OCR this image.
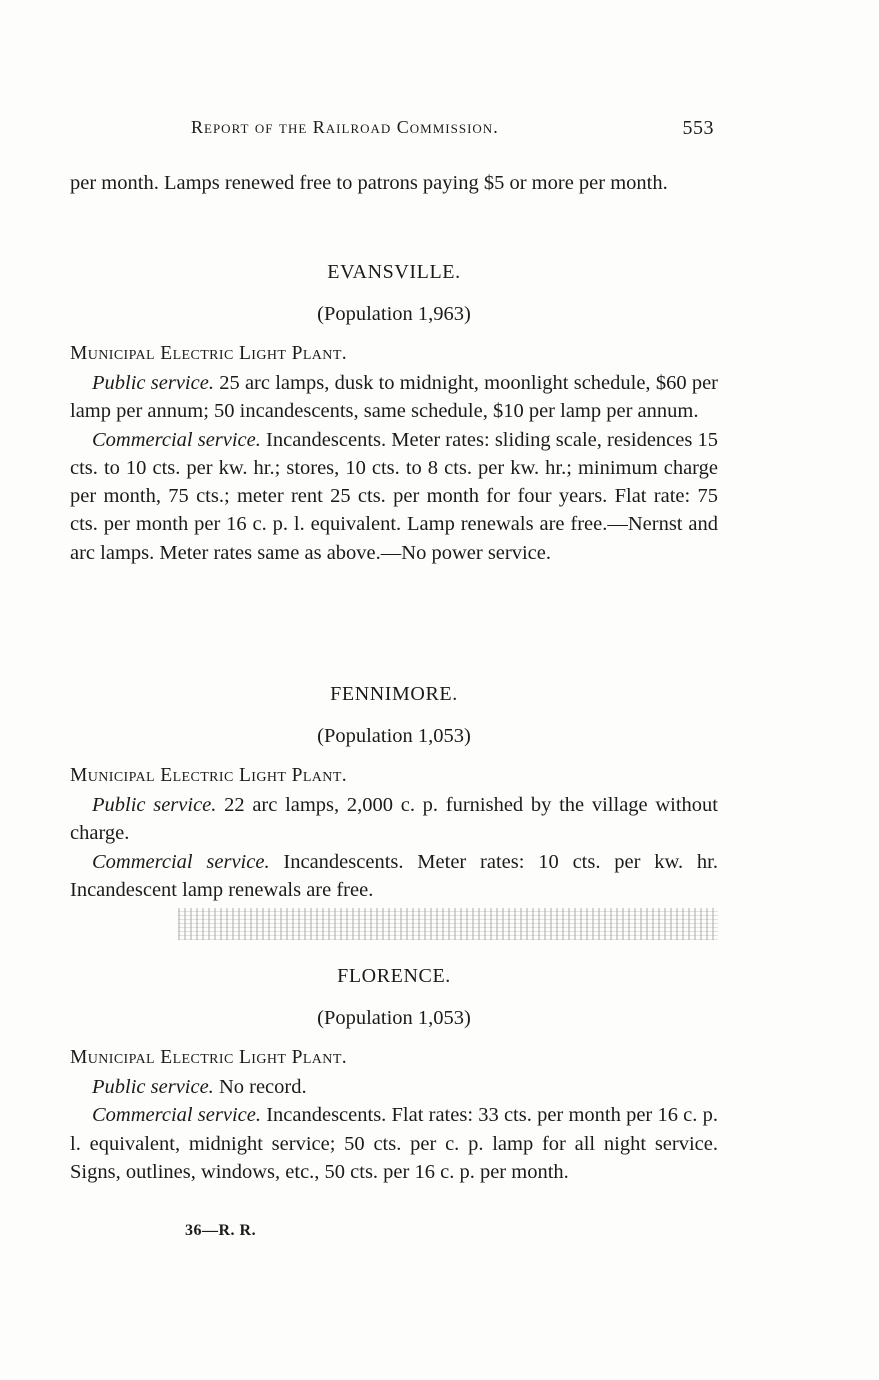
Report of the Railroad Commission.	553

per month. Lamps renewed free to patrons paying $5 or more per month.

EVANSVILLE.
(Population 1,963)
Municipal Electric Light Plant.

Public service. 25 arc lamps, dusk to midnight, moonlight schedule, $60 per lamp per annum; 50 incandescents, same schedule, $10 per lamp per annum.

Commercial service. Incandescents. Meter rates: sliding scale, residences 15 cts. to 10 cts. per kw. hr.; stores, 10 cts. to 8 cts. per kw. hr.; minimum charge per month, 75 cts.; meter rent 25 cts. per month for four years. Flat rate: 75 cts. per month per 16 c. p. l. equivalent. Lamp renewals are free.—Nernst and arc lamps. Meter rates same as above.—No power service.

FENNIMORE.
(Population 1,053)
Municipal Electric Light Plant.

Public service. 22 arc lamps, 2,000 c. p. furnished by the village without charge.

Commercial service. Incandescents. Meter rates: 10 cts. per kw. hr. Incandescent lamp renewals are free.

FLORENCE.
(Population 1,053)
Municipal Electric Light Plant.

Public service. No record.

Commercial service. Incandescents. Flat rates: 33 cts. per month per 16 c. p. l. equivalent, midnight service; 50 cts. per c. p. lamp for all night service. Signs, outlines, windows, etc., 50 cts. per 16 c. p. per month.

36—R. R.
